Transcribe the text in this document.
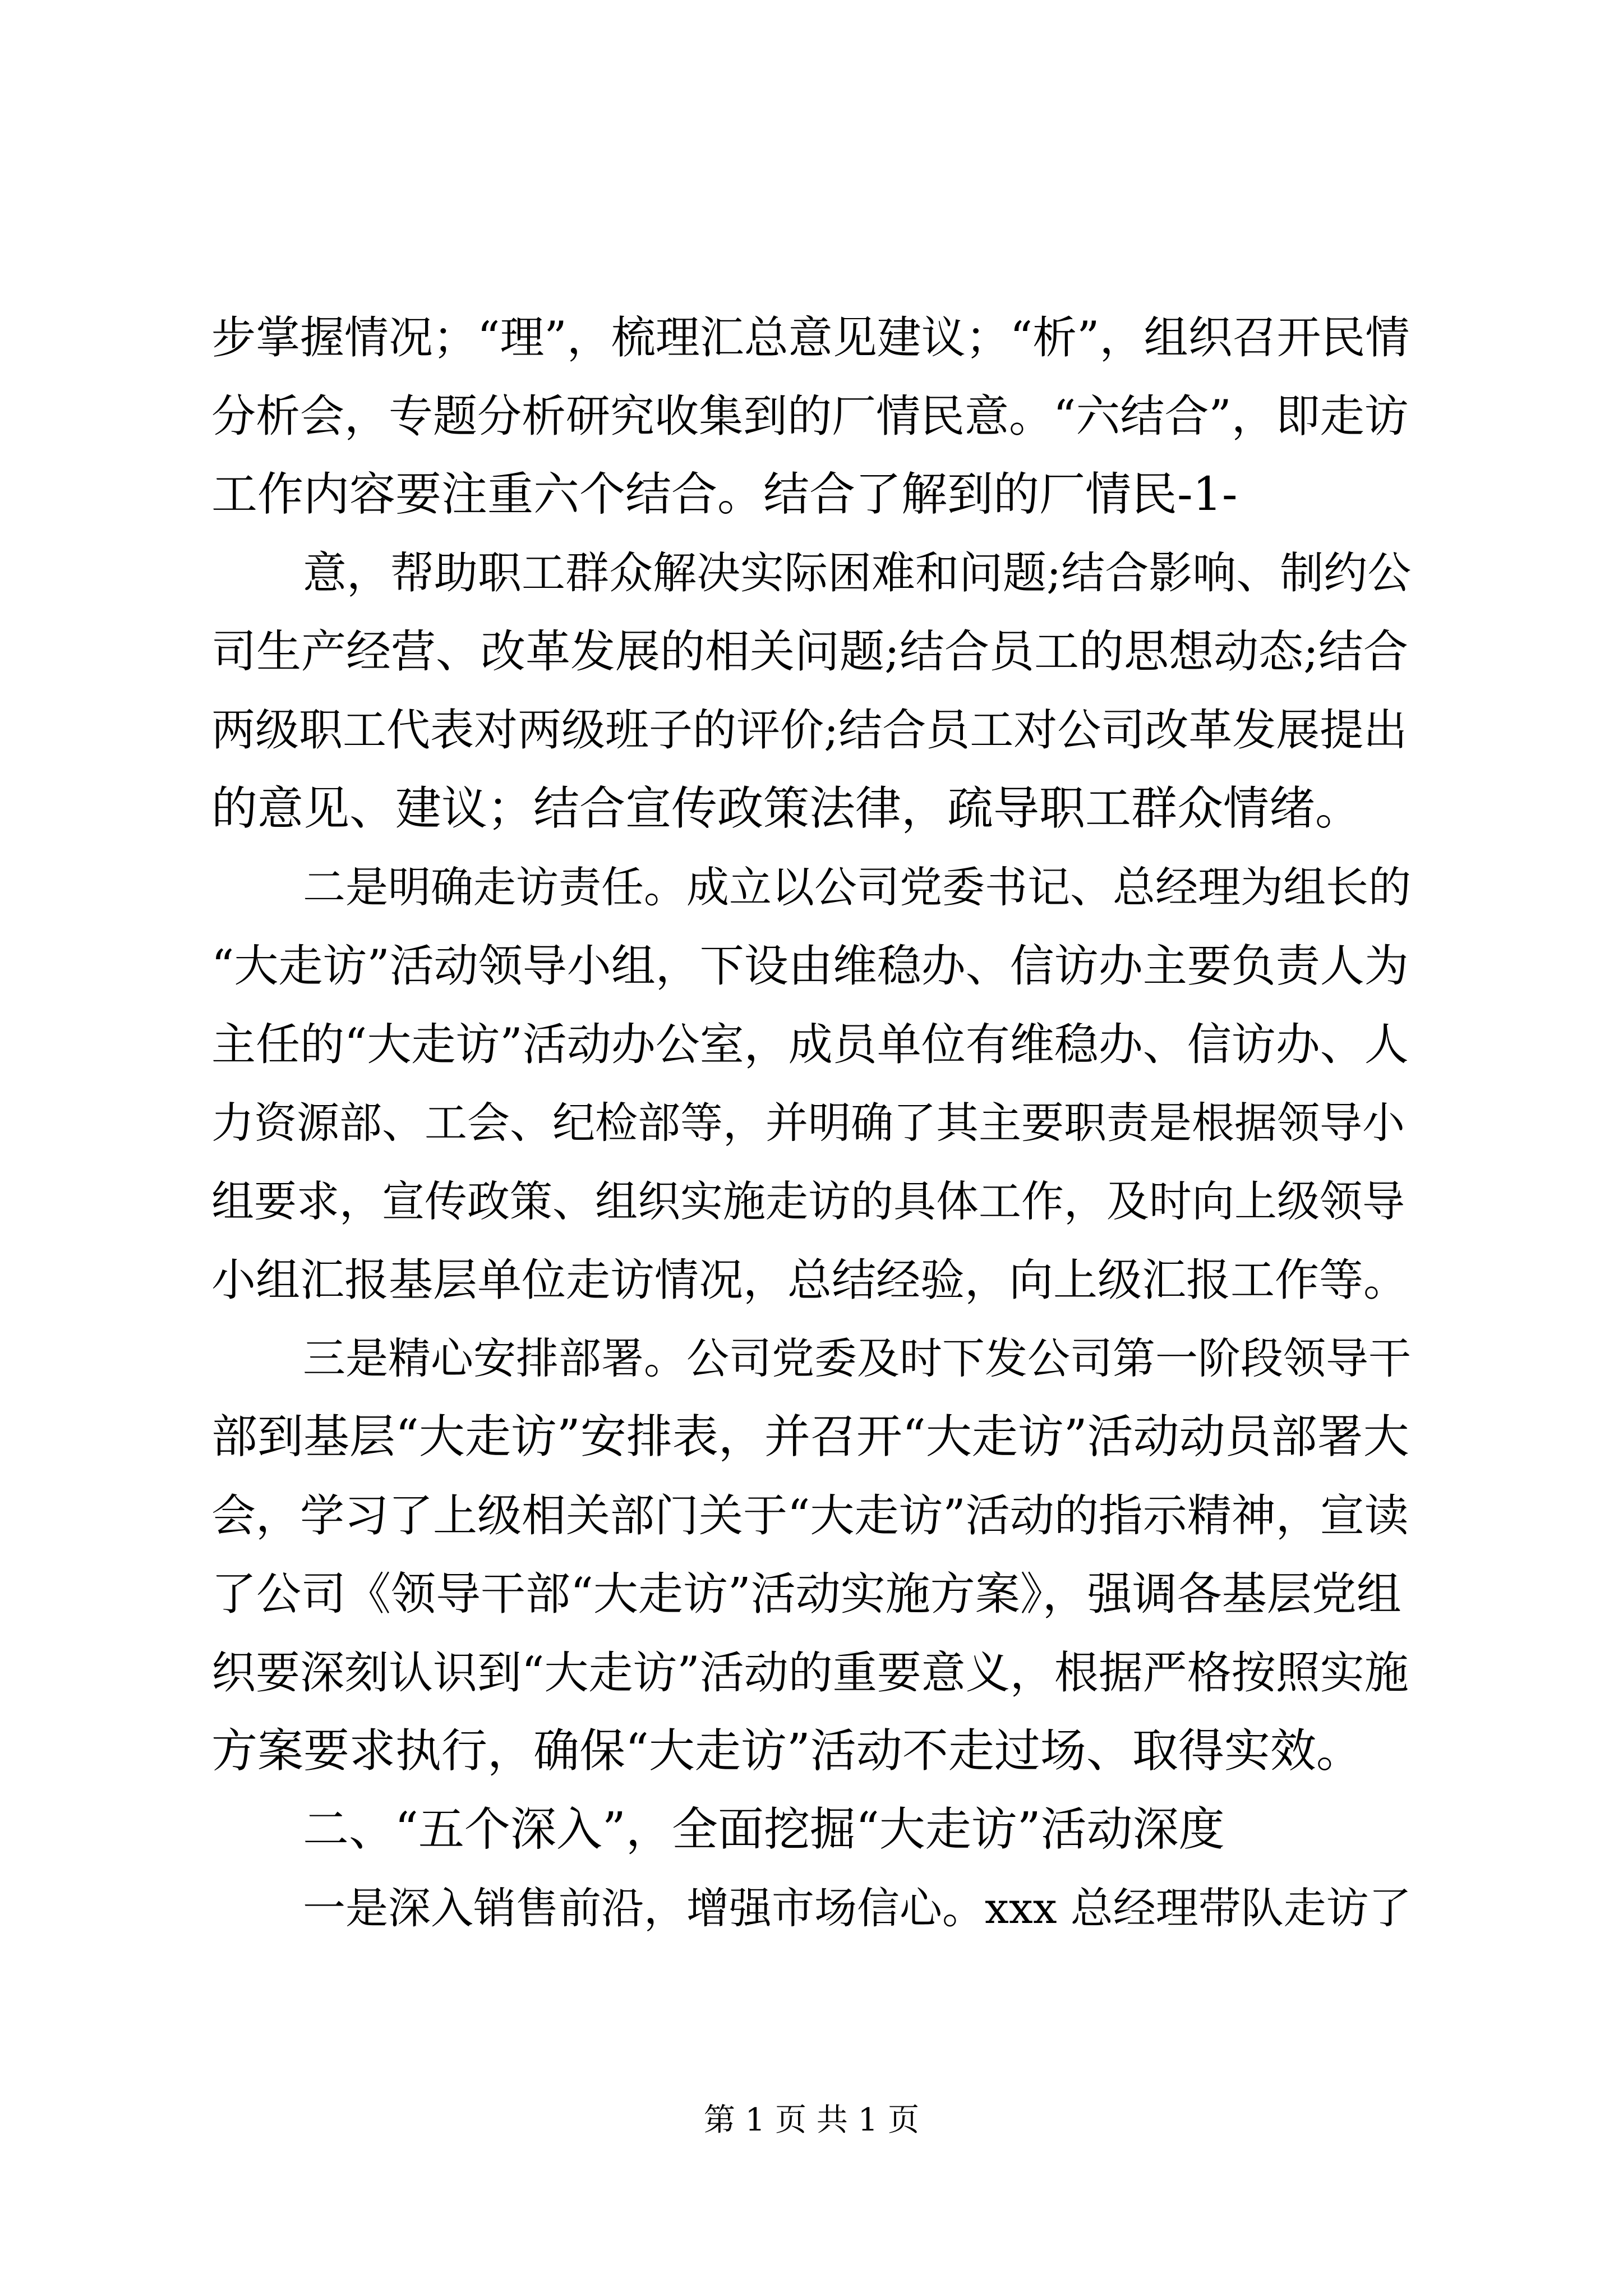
步掌握情况；“理”，梳理汇总意见建议；“析”，组织召开民情
分析会，专题分析研究收集到的厂情民意。“六结合”，即走访
工作内容要注重六个结合。结合了解到的厂情民-1-
意，帮助职工群众解决实际困难和问题;结合影响、制约公
司生产经营、改革发展的相关问题;结合员工的思想动态;结合
两级职工代表对两级班子的评价;结合员工对公司改革发展提出
的意见、建议；结合宣传政策法律，疏导职工群众情绪。
二是明确走访责任。成立以公司党委书记、总经理为组长的
“大走访”活动领导小组，下设由维稳办、信访办主要负责人为
主任的“大走访”活动办公室，成员单位有维稳办、信访办、人
力资源部、工会、纪检部等，并明确了其主要职责是根据领导小
组要求，宣传政策、组织实施走访的具体工作，及时向上级领导
小组汇报基层单位走访情况，总结经验，向上级汇报工作等。
三是精心安排部署。公司党委及时下发公司第一阶段领导干
部到基层“大走访”安排表，并召开“大走访”活动动员部署大
会，学习了上级相关部门关于“大走访”活动的指示精神，宣读
了公司《领导干部“大走访”活动实施方案》，强调各基层党组
织要深刻认识到“大走访”活动的重要意义，根据严格按照实施
方案要求执行，确保“大走访”活动不走过场、取得实效。
二、“五个深入”，全面挖掘“大走访”活动深度
一是深入销售前沿，增强市场信心。xxx 总经理带队走访了
第 1 页 共 1 页
